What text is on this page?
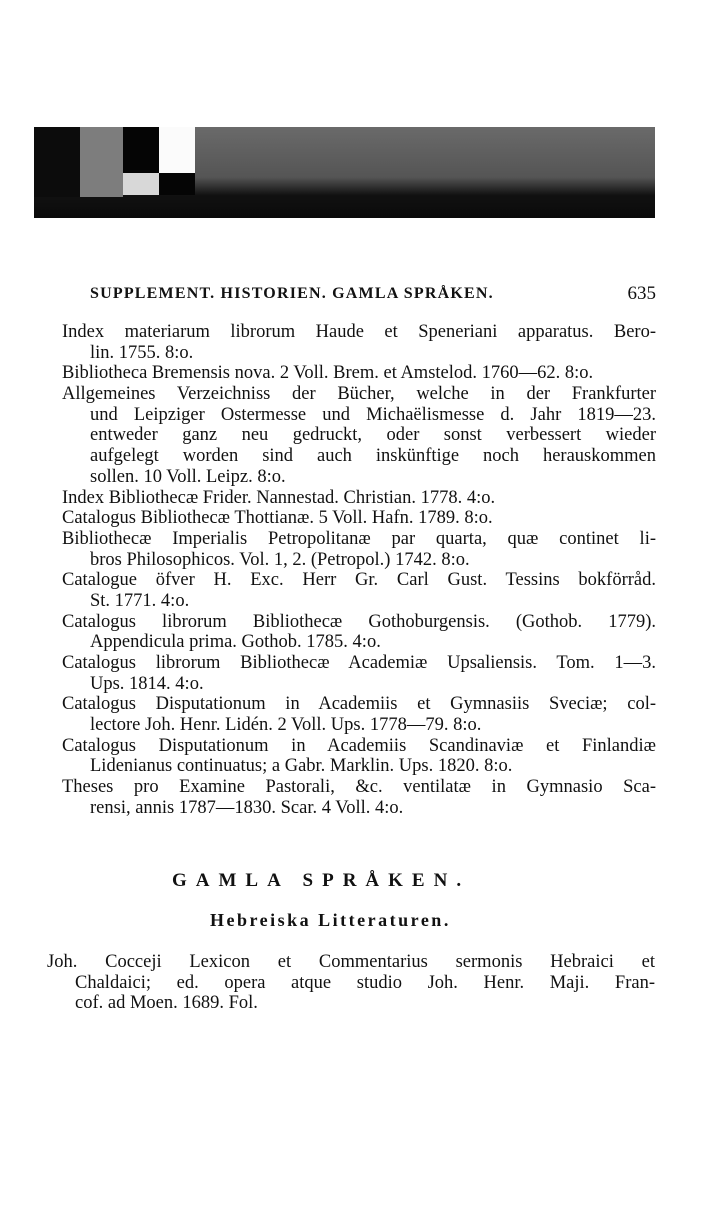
SUPPLEMENT. HISTORIEN. GAMLA SPRÅKEN.	635
Index materiarum librorum Haude et Speneriani apparatus. Bero-
lin. 1755. 8:o.
Bibliotheca Bremensis nova. 2 Voll. Brem. et Amstelod. 1760—62. 8:o.
Allgemeines Verzeichniss der Bücher, welche in der Frankfurter
und Leipziger Ostermesse und Michaëlismesse d. Jahr 1819—23.
entweder ganz neu gedruckt, oder sonst verbessert wieder
aufgelegt worden sind auch inskünftige noch herauskommen
sollen. 10 Voll. Leipz. 8:o.
Index Bibliothecæ Frider. Nannestad. Christian. 1778. 4:o.
Catalogus Bibliothecæ Thottianæ. 5 Voll. Hafn. 1789. 8:o.
Bibliothecæ Imperialis Petropolitanæ par quarta, quæ continet li-
bros Philosophicos. Vol. 1, 2. (Petropol.) 1742. 8:o.
Catalogue öfver H. Exc. Herr Gr. Carl Gust. Tessins bokförråd.
St. 1771. 4:o.
Catalogus librorum Bibliothecæ Gothoburgensis. (Gothob. 1779).
Appendicula prima. Gothob. 1785. 4:o.
Catalogus librorum Bibliothecæ Academiæ Upsaliensis. Tom. 1—3.
Ups. 1814. 4:o.
Catalogus Disputationum in Academiis et Gymnasiis Sveciæ; col-
lectore Joh. Henr. Lidén. 2 Voll. Ups. 1778—79. 8:o.
Catalogus Disputationum in Academiis Scandinaviæ et Finlandiæ
Lidenianus continuatus; a Gabr. Marklin. Ups. 1820. 8:o.
Theses pro Examine Pastorali, &c. ventilatæ in Gymnasio Sca-
rensi, annis 1787—1830. Scar. 4 Voll. 4:o.
GAMLA SPRÅKEN.
Hebreiska Litteraturen.
Joh. Cocceji Lexicon et Commentarius sermonis Hebraici et
Chaldaici; ed. opera atque studio Joh. Henr. Maji. Fran-
cof. ad Moen. 1689. Fol.
